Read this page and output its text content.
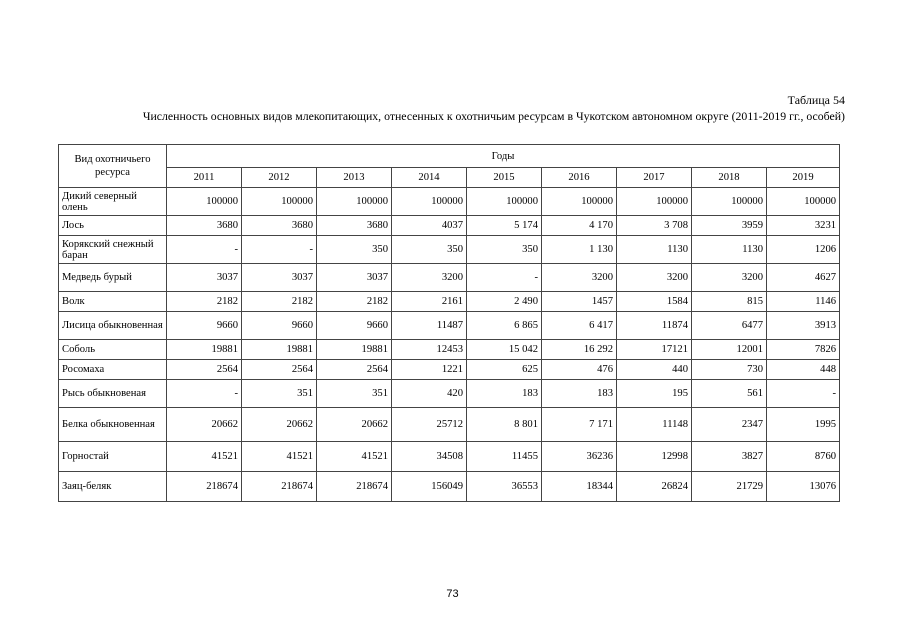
Таблица 54
Численность основных видов млекопитающих, отнесенных к охотничьим ресурсам в Чукотском автономном округе (2011-2019 гг., особей)
Вид охотничьего ресурса	Годы								
	2011	2012	2013	2014	2015	2016	2017	2018	2019
Дикий северный олень	100000	100000	100000	100000	100000	100000	100000	100000	100000
Лось	3680	3680	3680	4037	5 174	4 170	3 708	3959	3231
Корякский снежный баран	-	-	350	350	350	1 130	1130	1130	1206
Медведь бурый	3037	3037	3037	3200	-	3200	3200	3200	4627
Волк	2182	2182	2182	2161	2 490	1457	1584	815	1146
Лисица обыкновенная	9660	9660	9660	11487	6 865	6 417	11874	6477	3913
Соболь	19881	19881	19881	12453	15 042	16 292	17121	12001	7826
Росомаха	2564	2564	2564	1221	625	476	440	730	448
Рысь обыкновеная	-	351	351	420	183	183	195	561	-
Белка обыкновенная	20662	20662	20662	25712	8 801	7 171	11148	2347	1995
Горностай	41521	41521	41521	34508	11455	36236	12998	3827	8760
Заяц-беляк	218674	218674	218674	156049	36553	18344	26824	21729	13076
73
